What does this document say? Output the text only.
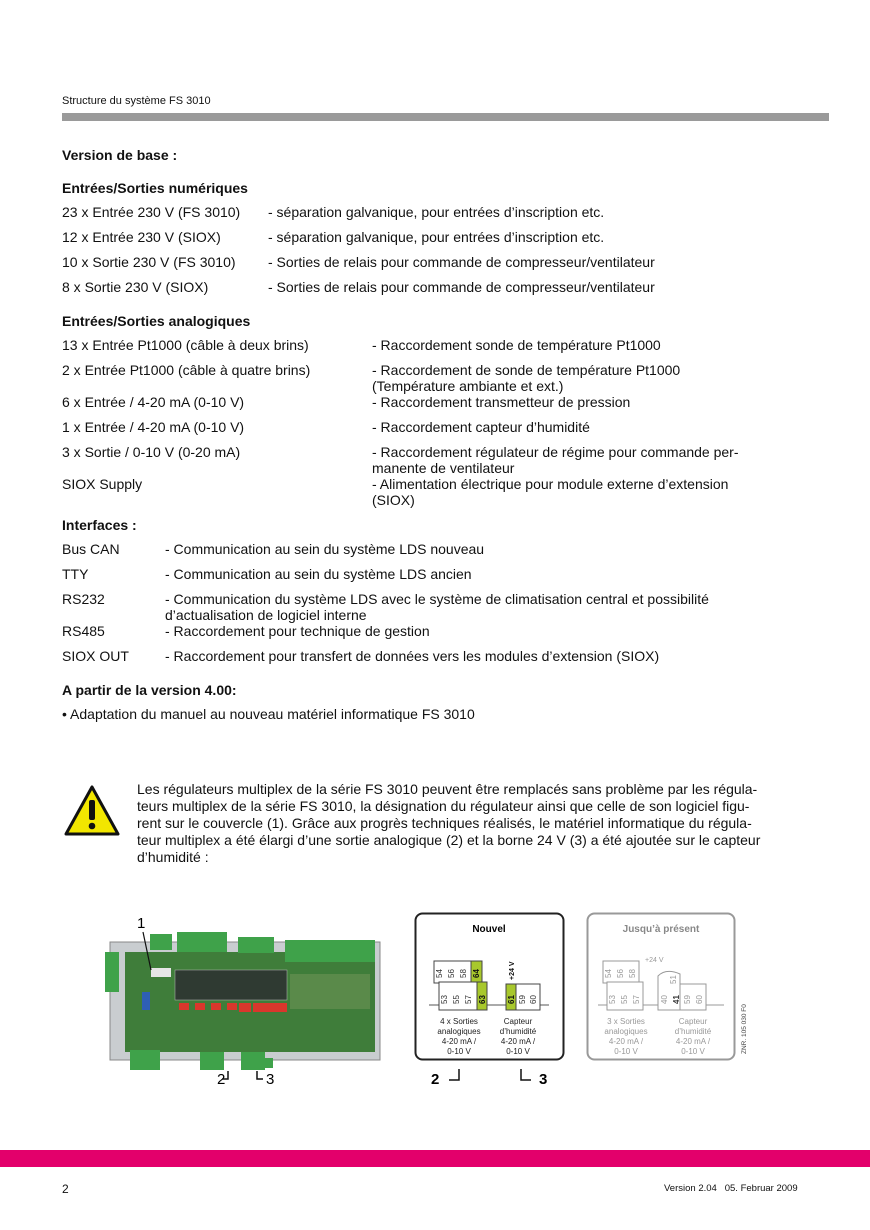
Structure du système FS 3010
Version de base :
Entrées/Sorties numériques
23 x Entrée 230 V (FS 3010)	- séparation galvanique, pour entrées d’inscription etc.
12 x Entrée 230 V (SIOX)	- séparation galvanique, pour entrées d’inscription etc.
10 x Sortie 230 V (FS 3010)	- Sorties de relais pour commande de compresseur/ventilateur
8 x Sortie 230 V (SIOX)	- Sorties de relais pour commande de compresseur/ventilateur
Entrées/Sorties analogiques
13 x Entrée Pt1000 (câble à deux brins)	- Raccordement sonde de température Pt1000
2 x Entrée Pt1000 (câble à quatre brins)	- Raccordement de sonde de température Pt1000
(Température ambiante et ext.)
6 x Entrée / 4-20 mA (0-10 V)	- Raccordement transmetteur de pression
1 x Entrée / 4-20 mA (0-10 V)	- Raccordement capteur d’humidité
3 x Sortie / 0-10 V (0-20 mA)	- Raccordement régulateur de régime pour commande per-
manente de ventilateur
SIOX Supply	- Alimentation électrique pour module externe d’extension
(SIOX)
Interfaces :
Bus CAN	- Communication au sein du système LDS nouveau
TTY	- Communication au sein du système LDS ancien
RS232	- Communication du système LDS avec le système de climatisation central et possibilité
d’actualisation de logiciel interne
RS485	- Raccordement pour technique de gestion
SIOX OUT	- Raccordement pour transfert de données vers les modules d’extension (SIOX)
A partir de la version 4.00:
• Adaptation du manuel au nouveau matériel informatique FS 3010
Les régulateurs multiplex de la série FS 3010 peuvent être remplacés sans problème par les régula-
teurs multiplex de la série FS 3010, la désignation du régulateur ainsi que celle de son logiciel figu-
rent sur le couvercle (1). Grâce aux progrès techniques réalisés, le matériel informatique du régula-
teur multiplex a été élargi d’une sortie analogique (2) et la borne 24 V (3) a été ajoutée sur le capteur
d’humidité :
1
2	3
Nouvel
54 56 58 64
53 55 57 63	61 59 60
+24 V
4 x Sorties
analogiques
4-20 mA /
0-10 V
Capteur
d’humidité
4-20 mA /
0-10 V
2	3
Jusqu’à présent
54 56 58
53 55 57
51
40 41 59 60
+24 V
3 x Sorties
analogiques
4-20 mA /
0-10 V
Capteur
d’humidité
4-20 mA /
0-10 V	ZNR. 105 030 F0
2	Version 2.04   05. Februar 2009
